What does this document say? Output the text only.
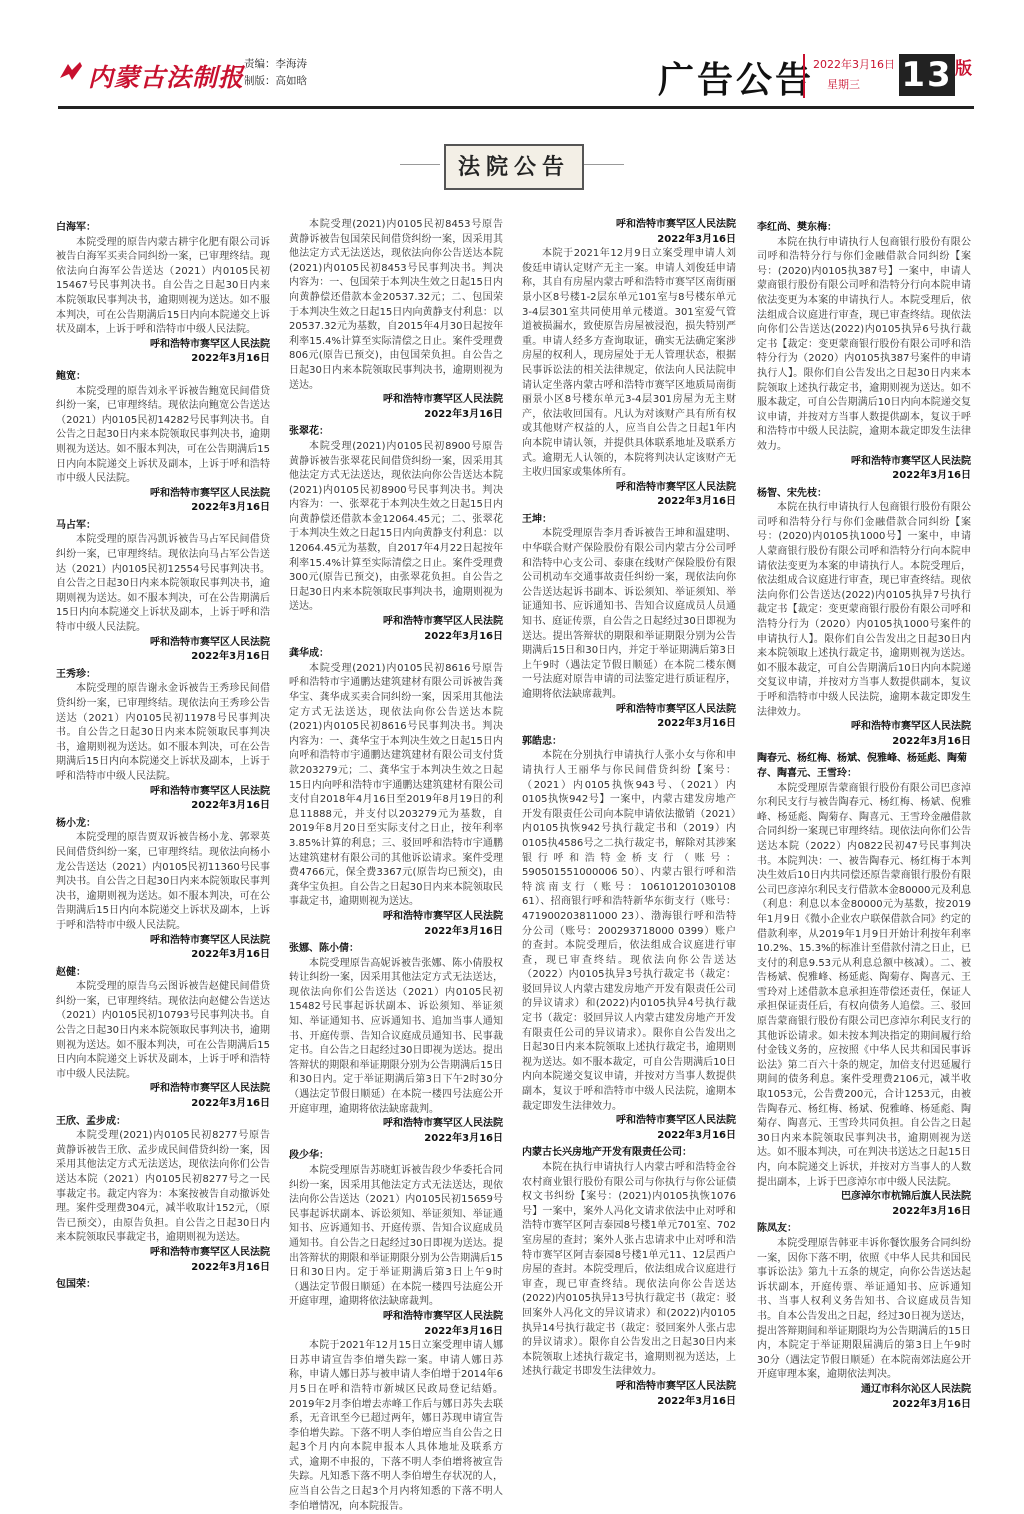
内蒙古法制报 责编：李海涛
制版：高如晗	广告公告
2022年3月16日
星期三 13 版
法院公告

白海军：

本院受理的原告内蒙古耕宇化肥有限公司诉被告白海军买卖合同纠纷一案，已审理终结。现依法向白海军公告送达（2021）内0105民初15467号民事判决书。自公告之日起30日内来本院领取民事判决书，逾期则视为送达。如不服本判决，可在公告期满后15日内向本院递交上诉状及副本，上诉于呼和浩特市中级人民法院。

呼和浩特市赛罕区人民法院

2022年3月16日

鲍宽：

本院受理的原告刘永平诉被告鲍宽民间借贷纠纷一案，已审理终结。现依法向鲍宽公告送达（2021）内0105民初14282号民事判决书。自公告之日起30日内来本院领取民事判决书，逾期则视为送达。如不服本判决，可在公告期满后15日内向本院递交上诉状及副本，上诉于呼和浩特市中级人民法院。

呼和浩特市赛罕区人民法院

2022年3月16日

马占军：

本院受理的原告冯凯诉被告马占军民间借贷纠纷一案，已审理终结。现依法向马占军公告送达（2021）内0105民初12554号民事判决书。自公告之日起30日内来本院领取民事判决书，逾期则视为送达。如不服本判决，可在公告期满后15日内向本院递交上诉状及副本，上诉于呼和浩特市中级人民法院。

呼和浩特市赛罕区人民法院

2022年3月16日

王秀珍：

本院受理的原告谢永金诉被告王秀珍民间借贷纠纷一案，已审理终结。现依法向王秀珍公告送达（2021）内0105民初11978号民事判决书。自公告之日起30日内来本院领取民事判决书，逾期则视为送达。如不服本判决，可在公告期满后15日内向本院递交上诉状及副本，上诉于呼和浩特市中级人民法院。

呼和浩特市赛罕区人民法院

2022年3月16日

杨小龙：

本院受理的原告贾双诉被告杨小龙、郭翠英民间借贷纠纷一案，已审理终结。现依法向杨小龙公告送达（2021）内0105民初11360号民事判决书。自公告之日起30日内来本院领取民事判决书，逾期则视为送达。如不服本判决，可在公告期满后15日内向本院递交上诉状及副本，上诉于呼和浩特市中级人民法院。

呼和浩特市赛罕区人民法院

2022年3月16日

赵健：

本院受理的原告乌云图诉被告赵健民间借贷纠纷一案，已审理终结。现依法向赵健公告送达（2021）内0105民初10793号民事判决书。自公告之日起30日内来本院领取民事判决书，逾期则视为送达。如不服本判决，可在公告期满后15日内向本院递交上诉状及副本，上诉于呼和浩特市中级人民法院。

呼和浩特市赛罕区人民法院

2022年3月16日

王欣、孟步成：

本院受理(2021)内0105民初8277号原告黄静诉被告王欣、孟步成民间借贷纠纷一案，因采用其他法定方式无法送达，现依法向你们公告送达本院（2021）内0105民初8277号之一民事裁定书。裁定内容为：本案按被告自动撤诉处理。案件受理费304元，减半收取计152元，（原告已预交），由原告负担。自公告之日起30日内来本院领取民事裁定书，逾期则视为送达。

呼和浩特市赛罕区人民法院

2022年3月16日

包国荣：

本院受理(2021)内0105民初8453号原告黄静诉被告包国荣民间借贷纠纷一案，因采用其他法定方式无法送达，现依法向你公告送达本院(2021)内0105民初8453号民事判决书。判决内容为：一、包国荣于本判决生效之日起15日内向黄静偿还借款本金20537.32元；二、包国荣于本判决生效之日起15日内向黄静支付利息：以20537.32元为基数，自2015年4月30日起按年利率15.4%计算至实际清偿之日止。案件受理费806元(原告已预交)，由包国荣负担。自公告之日起30日内来本院领取民事判决书，逾期则视为送达。

呼和浩特市赛罕区人民法院

2022年3月16日

张翠花：

本院受理(2021)内0105民初8900号原告黄静诉被告张翠花民间借贷纠纷一案，因采用其他法定方式无法送达，现依法向你公告送达本院(2021)内0105民初8900号民事判决书。判决内容为：一、张翠花于本判决生效之日起15日内向黄静偿还借款本金12064.45元；二、张翠花于本判决生效之日起15日内向黄静支付利息：以12064.45元为基数，自2017年4月22日起按年利率15.4%计算至实际清偿之日止。案件受理费300元(原告已预交)，由张翠花负担。自公告之日起30日内来本院领取民事判决书，逾期则视为送达。

呼和浩特市赛罕区人民法院

2022年3月16日

龚华成：

本院受理(2021)内0105民初8616号原告呼和浩特市宇通鹏达建筑建材有限公司诉被告龚华宝、龚华成买卖合同纠纷一案，因采用其他法定方式无法送达，现依法向你公告送达本院(2021)内0105民初8616号民事判决书。判决内容为：一、龚华宝于本判决生效之日起15日内向呼和浩特市宇通鹏达建筑建材有限公司支付货款203279元；二、龚华宝于本判决生效之日起15日内向呼和浩特市宇通鹏达建筑建材有限公司支付自2018年4月16日至2019年8月19日的利息11888元，并支付以203279元为基数，自2019年8月20日至实际支付之日止，按年利率3.85%计算的利息；三、驳回呼和浩特市宇通鹏达建筑建材有限公司的其他诉讼请求。案件受理费4766元，保全费3367元(原告均已预交)，由龚华宝负担。自公告之日起30日内来本院领取民事裁定书，逾期则视为送达。

呼和浩特市赛罕区人民法院

2022年3月16日

张娜、陈小倩：

本院受理原告高妮诉被告张娜、陈小倩股权转让纠纷一案，因采用其他法定方式无法送达，现依法向你们公告送达（2021）内0105民初15482号民事起诉状副本、诉讼须知、举证须知、举证通知书、应诉通知书、追加当事人通知书、开庭传票、告知合议庭成员通知书、民事裁定书。自公告之日起经过30日即视为送达。提出答辩状的期限和举证期限分别为公告期满后15日和30日内。定于举证期满后第3日下午2时30分（遇法定节假日顺延）在本院一楼四号法庭公开开庭审理，逾期将依法缺席裁判。

呼和浩特市赛罕区人民法院

2022年3月16日

段少华：

本院受理原告苏晓虹诉被告段少华委托合同纠纷一案，因采用其他法定方式无法送达，现依法向你公告送达（2021）内0105民初15659号民事起诉状副本、诉讼须知、举证须知、举证通知书、应诉通知书、开庭传票、告知合议庭成员通知书。自公告之日起经过30日即视为送达。提出答辩状的期限和举证期限分别为公告期满后15日和30日内。定于举证期满后第3日上午9时（遇法定节假日顺延）在本院一楼四号法庭公开开庭审理，逾期将依法缺席裁判。

呼和浩特市赛罕区人民法院

2022年3月16日

本院于2021年12月15日立案受理申请人娜日苏申请宣告李伯增失踪一案。申请人娜日苏称，申请人娜日苏与被申请人李伯增于2014年6月5日在呼和浩特市新城区民政局登记结婚。2019年2月李伯增去赤峰工作后与娜日苏失去联系，无音讯至今已超过两年，娜日苏现申请宣告李伯增失踪。下落不明人李伯增应当自公告之日起3个月内向本院申报本人具体地址及联系方式，逾期不申报的，下落不明人李伯增将被宣告失踪。凡知悉下落不明人李伯增生存状况的人，应当自公告之日起3个月内将知悉的下落不明人李伯增情况，向本院报告。

呼和浩特市赛罕区人民法院

2022年3月16日

本院于2021年12月9日立案受理申请人刘俊廷申请认定财产无主一案。申请人刘俊廷申请称，其自有房屋内蒙古呼和浩特市赛罕区南街丽景小区8号楼1-2层东单元101室与8号楼东单元3-4层301室共同使用单元楼道。301室爱气管道被损漏水，致使原告房屋被浸泡，损失特别严重。申请人经多方查询取证，确实无法确定案涉房屋的权利人，现房屋处于无人管理状态，根据民事诉讼法的相关法律规定，依法向人民法院申请认定坐落内蒙古呼和浩特市赛罕区地质局南街丽景小区8号楼东单元3-4层301房屋为无主财产，依法收回国有。凡认为对该财产具有所有权或其他财产权益的人，应当自公告之日起1年内向本院申请认领，并提供具体联系地址及联系方式。逾期无人认领的，本院将判决认定该财产无主收归国家或集体所有。

呼和浩特市赛罕区人民法院

2022年3月16日

王坤：

本院受理原告李月香诉被告王坤和温建明、中华联合财产保险股份有限公司内蒙古分公司呼和浩特中心支公司、泰康在线财产保险股份有限公司机动车交通事故责任纠纷一案，现依法向你公告送达起诉书副本、诉讼须知、举证须知、举证通知书、应诉通知书、告知合议庭成员人员通知书、庭证传票，自公告之日起经过30日即视为送达。提出答辩状的期限和举证期限分别为公告期满后15日和30日内，并定于举证期满后第3日上午9时（遇法定节假日顺延）在本院二楼东侧一号法庭对原告申请的司法鉴定进行质证程序，逾期将依法缺席裁判。

呼和浩特市赛罕区人民法院

2022年3月16日

郭皓忠：

本院在分别执行申请执行人张小女与你和申请执行人王丽华与你民间借贷纠纷【案号：（2021）内0105执恢943号、（2021）内0105执恢942号】一案中，内蒙古建发房地产开发有限责任公司向本院申请依法撤销（2021）内0105执恢942号执行裁定书和（2019）内0105执4586号之二执行裁定书，解除对其涉案银行呼和浩特金桥支行（账号：590501551000006 50）、内蒙古银行呼和浩特滨南支行（账号：106101201030108 61）、招商银行呼和浩特新华东街支行（账号：471900203811000 23）、渤海银行呼和浩特分公司（账号：200293718000 0399）账户的查封。本院受理后，依法组成合议庭进行审查，现已审查终结。现依法向你公告送达（2022）内0105执异3号执行裁定书（裁定：驳回异议人内蒙古建发房地产开发有限责任公司的异议请求）和(2022)内0105执异4号执行裁定书（裁定：驳回异议人内蒙古建发房地产开发有限责任公司的异议请求）。限你自公告发出之日起30日内来本院领取上述执行裁定书，逾期则视为送达。如不服本裁定，可自公告期满后10日内向本院递交复议申请，并按对方当事人数提供副本，复议于呼和浩特市中级人民法院，逾期本裁定即发生法律效力。

呼和浩特市赛罕区人民法院

2022年3月16日

内蒙古长兴房地产开发有限责任公司：

本院在执行申请执行人内蒙古呼和浩特金谷农村商业银行股份有限公司与你执行与你公证债权文书纠纷【案号：(2021)内0105执恢1076号】一案中，案外人冯化文请求依法中止对呼和浩特市赛罕区阿吉泰园8号楼1单元701室、702室房屋的查封；案外人张占忠请求中止对呼和浩特市赛罕区阿吉泰园8号楼1单元11、12层西户房屋的查封。本院受理后，依法组成合议庭进行审查，现已审查终结。现依法向你公告送达(2022)内0105执异13号执行裁定书（裁定：驳回案外人冯化文的异议请求）和(2022)内0105执异14号执行裁定书（裁定：驳回案外人张占忠的异议请求）。限你自公告发出之日起30日内来本院领取上述执行裁定书，逾期则视为送达，上述执行裁定书即发生法律效力。

呼和浩特市赛罕区人民法院

2022年3月16日

李红尚、樊东梅：

本院在执行申请执行人包商银行股份有限公司呼和浩特分行与你们金融借款合同纠纷【案号：(2020)内0105执387号】一案中，申请人蒙商银行股份有限公司呼和浩特分行向本院申请依法变更为本案的申请执行人。本院受理后，依法组成合议庭进行审查，现已审查终结。现依法向你们公告送达(2022)内0105执异6号执行裁定书【裁定：变更蒙商银行股份有限公司呼和浩特分行为（2020）内0105执387号案件的申请执行人】。限你们自公告发出之日起30日内来本院领取上述执行裁定书，逾期则视为送达。如不服本裁定，可自公告期满后10日内向本院递交复议申请，并按对方当事人数提供副本，复议于呼和浩特市中级人民法院，逾期本裁定即发生法律效力。

呼和浩特市赛罕区人民法院

2022年3月16日

杨智、宋先枝：

本院在执行申请执行人包商银行股份有限公司呼和浩特分行与你们金融借款合同纠纷【案号：(2020)内0105执1000号】一案中，申请人蒙商银行股份有限公司呼和浩特分行向本院申请依法变更为本案的申请执行人。本院受理后，依法组成合议庭进行审查，现已审查终结。现依法向你们公告送达(2022)内0105执异7号执行裁定书【裁定：变更蒙商银行股份有限公司呼和浩特分行为（2020）内0105执1000号案件的申请执行人】。限你们自公告发出之日起30日内来本院领取上述执行裁定书，逾期则视为送达。如不服本裁定，可自公告期满后10日内向本院递交复议申请，并按对方当事人数提供副本，复议于呼和浩特市中级人民法院，逾期本裁定即发生法律效力。

呼和浩特市赛罕区人民法院

2022年3月16日

陶春元、杨红梅、杨斌、倪雅峰、杨延彪、陶菊存、陶喜元、王雪玲：

本院受理原告蒙商银行股份有限公司巴彦淖尔利民支行与被告陶春元、杨红梅、杨斌、倪雅峰、杨延彪、陶菊存、陶喜元、王雪玲金融借款合同纠纷一案现已审理终结。现依法向你们公告送达本院（2022）内0822民初47号民事判决书。本院判决：一、被告陶春元、杨红梅于本判决生效后10日内共同偿还原告蒙商银行股份有限公司巴彦淖尔利民支行借款本金80000元及利息（利息：利息以本金80000元为基数，按2019年1月9日《微小企业农户联保借款合同》约定的借款利率，从2019年1月9日开始计利按年利率10.2%、15.3%的标准计至借款付清之日止，已支付的利息9.53元从利息总额中核减）。二、被告杨斌、倪雅峰、杨延彪、陶菊存、陶喜元、王雪玲对上述借款本息承担连带偿还责任，保证人承担保证责任后，有权向债务人追偿。三、驳回原告蒙商银行股份有限公司巴彦淖尔利民支行的其他诉讼请求。如未按本判决指定的期间履行给付金钱义务的，应按照《中华人民共和国民事诉讼法》第二百六十条的规定，加倍支付迟延履行期间的债务利息。案件受理费2106元，减半收取1053元，公告费200元，合计1253元，由被告陶春元、杨红梅、杨斌、倪雅峰、杨延彪、陶菊存、陶喜元、王雪玲共同负担。自公告之日起30日内来本院领取民事判决书，逾期则视为送达。如不服本判决，可在判决书送达之日起15日内，向本院递交上诉状，并按对方当事人的人数提出副本，上诉于巴彦淖尔市中级人民法院。

巴彦淖尔市杭锦后旗人民法院

2022年3月16日

陈凤友：

本院受理原告韩亚丰诉你餐饮服务合同纠纷一案，因你下落不明，依照《中华人民共和国民事诉讼法》第九十五条的规定，向你公告送达起诉状副本，开庭传票、举证通知书、应诉通知书、当事人权利义务告知书、合议庭成员告知书。自本公告发出之日起，经过30日视为送达，提出答辩期间和举证期限均为公告期满后的15日内，本院定于举证期限届满后的第3日上午9时30分（遇法定节假日顺延）在本院南郊法庭公开开庭审理本案，逾期依法判决。

通辽市科尔沁区人民法院

2022年3月16日
